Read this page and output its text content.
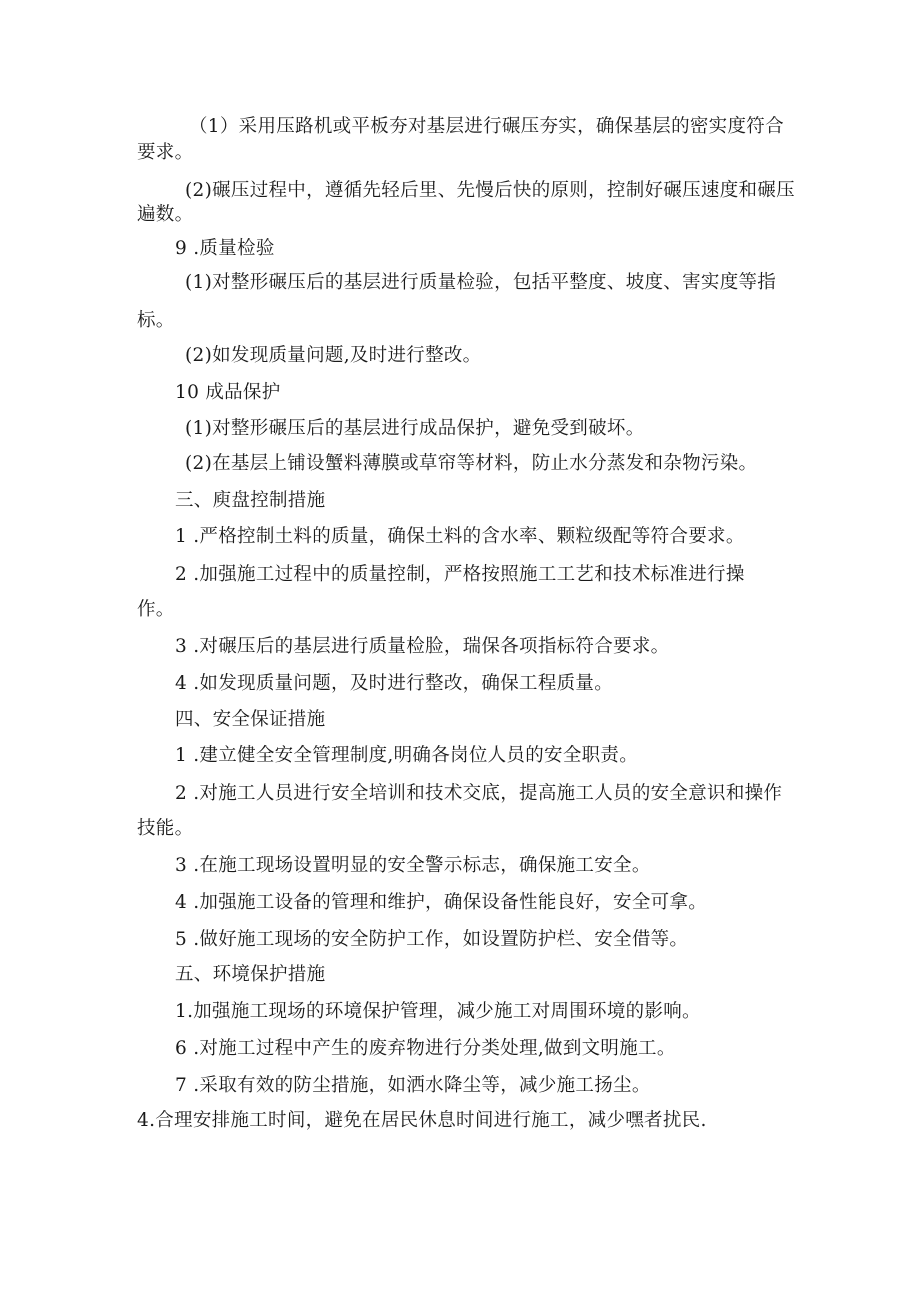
（1）采用压路机或平板夯对基层进行碾压夯实，确保基层的密实度符合
要求。
(2)碾压过程中，遵循先轻后里、先慢后快的原则，控制好碾压速度和碾压
遍数。
9 .质量检验
(1)对整形碾压后的基层进行质量检验，包括平整度、坡度、害实度等指
标。
(2)如发现质量问题,及时进行整改。
10 成品保护
(1)对整形碾压后的基层进行成品保护，避免受到破坏。
(2)在基层上铺设蟹料薄膜或草帘等材料，防止水分蒸发和杂物污染。
三、庾盘控制措施
1 .严格控制土料的质量，确保土料的含水率、颗粒级配等符合要求。
2 .加强施工过程中的质量控制，严格按照施工工艺和技术标准进行操
作。
3 .对碾压后的基层进行质量检脸，瑞保各项指标符合要求。
4 .如发现质量问题，及时进行整改，确保工程质量。
四、安全保证措施
1 .建立健全安全管理制度,明确各岗位人员的安全职责。
2 .对施工人员进行安全培训和技术交底，提高施工人员的安全意识和操作
技能。
3 .在施工现场设置明显的安全警示标志，确保施工安全。
4 .加强施工设备的管理和维护，确保设备性能良好，安全可拿。
5 .做好施工现场的安全防护工作，如设置防护栏、安全借等。
五、环境保护措施
1.加强施工现场的环境保护管理，减少施工对周围环境的影响。
6 .对施工过程中产生的废弃物进行分类处理,做到文明施工。
7 .采取有效的防尘措施，如洒水降尘等，减少施工扬尘。
4.合理安排施工时间，避免在居民休息时间进行施工，减少嘿者扰民.
